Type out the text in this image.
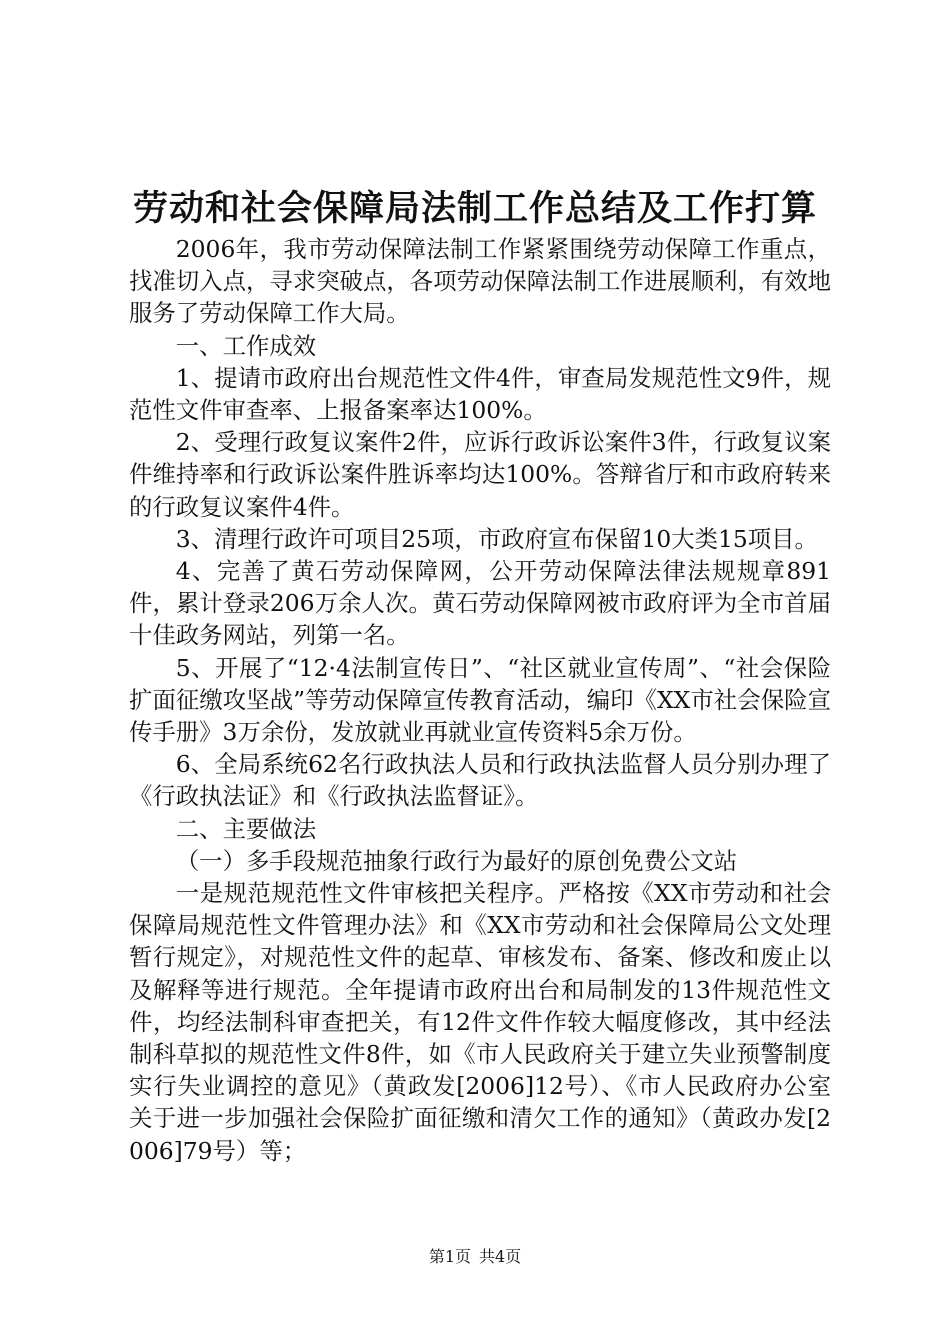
劳动和社会保障局法制工作总结及工作打算

2006年，我市劳动保障法制工作紧紧围绕劳动保障工作重点，找准切入点，寻求突破点，各项劳动保障法制工作进展顺利，有效地服务了劳动保障工作大局。

一、工作成效

1、提请市政府出台规范性文件4件，审查局发规范性文9件，规范性文件审查率、上报备案率达100%。

2、受理行政复议案件2件，应诉行政诉讼案件3件，行政复议案件维持率和行政诉讼案件胜诉率均达100%。答辩省厅和市政府转来的行政复议案件4件。

3、清理行政许可项目25项，市政府宣布保留10大类15项目。

4、完善了黄石劳动保障网，公开劳动保障法律法规规章891件，累计登录206万余人次。黄石劳动保障网被市政府评为全市首届十佳政务网站，列第一名。

5、开展了“12·4法制宣传日”、“社区就业宣传周”、“社会保险扩面征缴攻坚战”等劳动保障宣传教育活动，编印《XX市社会保险宣传手册》3万余份，发放就业再就业宣传资料5余万份。

6、全局系统62名行政执法人员和行政执法监督人员分别办理了《行政执法证》和《行政执法监督证》。

二、主要做法

（一）多手段规范抽象行政行为最好的原创免费公文站

一是规范规范性文件审核把关程序。严格按《XX市劳动和社会保障局规范性文件管理办法》和《XX市劳动和社会保障局公文处理暂行规定》，对规范性文件的起草、审核发布、备案、修改和废止以及解释等进行规范。全年提请市政府出台和局制发的13件规范性文件，均经法制科审查把关，有12件文件作较大幅度修改，其中经法制科草拟的规范性文件8件，如《市人民政府关于建立失业预警制度实行失业调控的意见》（黄政发[2006]12号）、《市人民政府办公室关于进一步加强社会保险扩面征缴和清欠工作的通知》（黄政办发[2006]79号）等；

第1页 共4页
